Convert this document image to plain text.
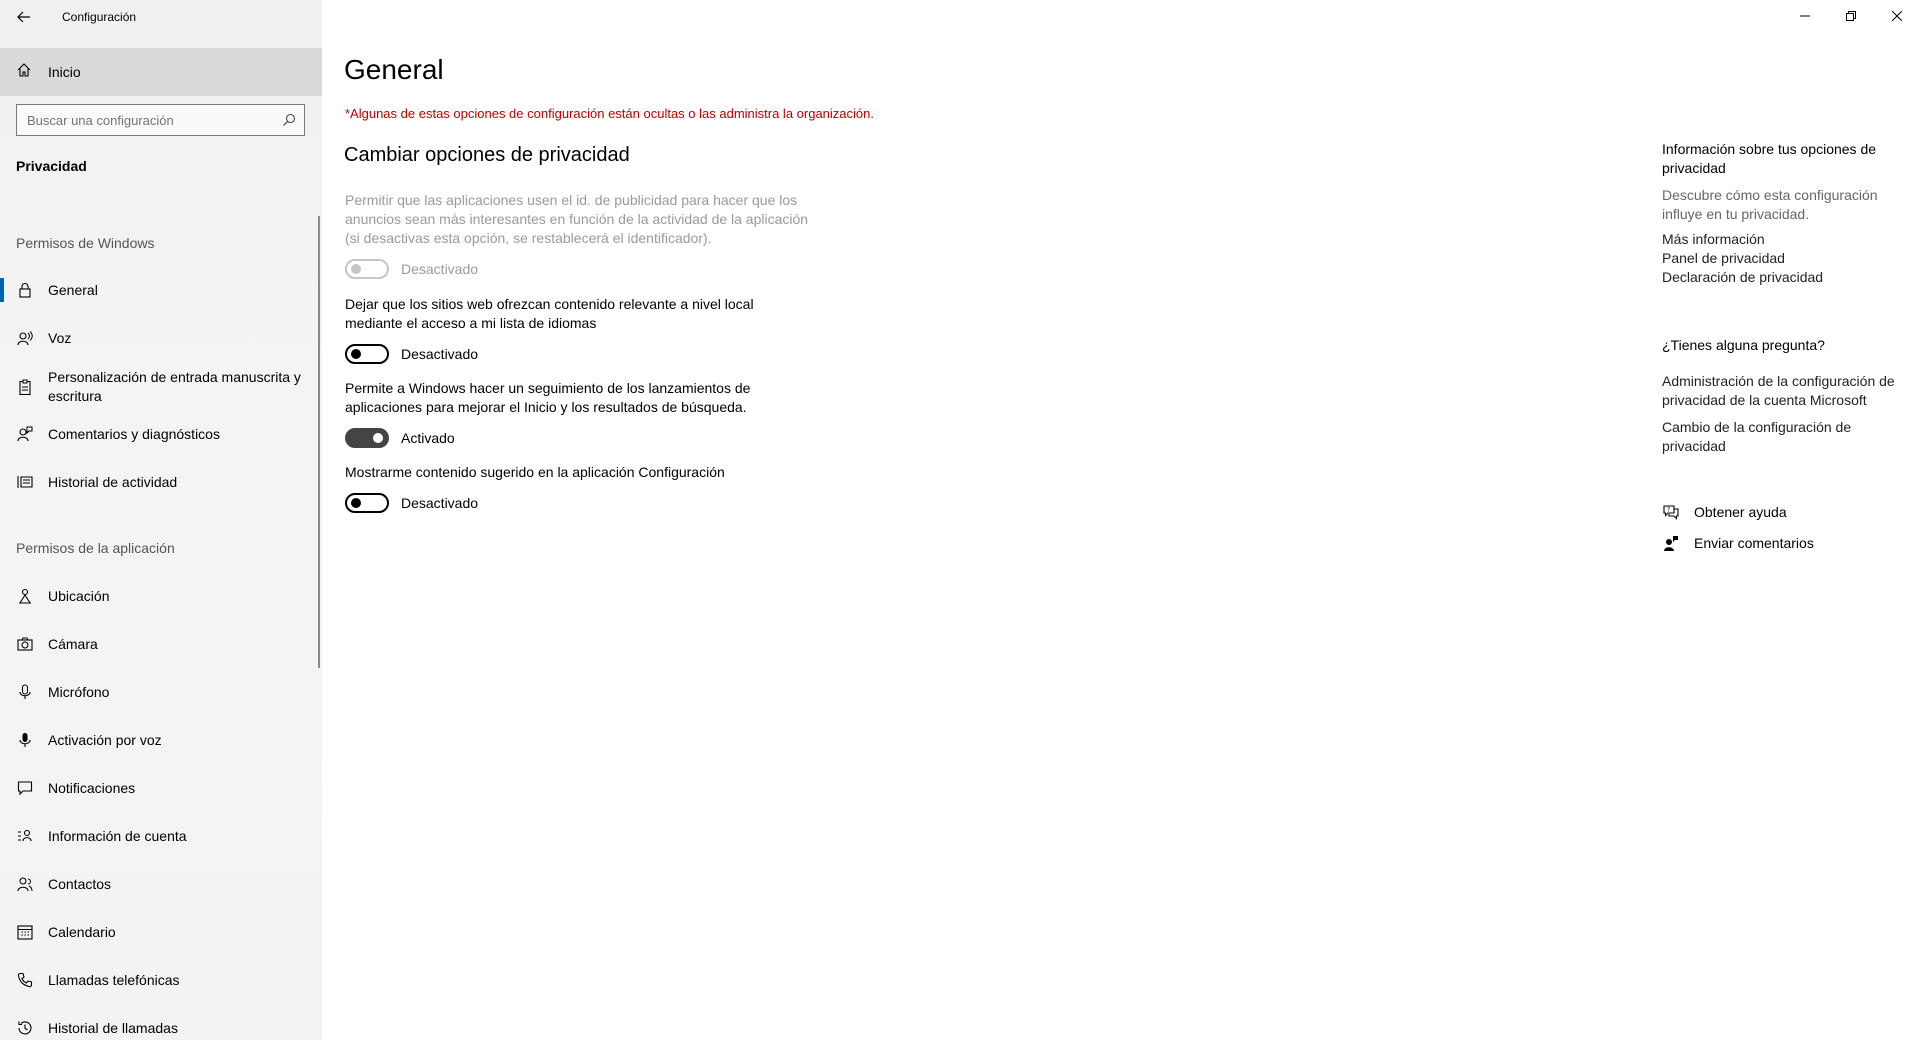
Configuración
Inicio
Buscar una configuración
Privacidad
Permisos de Windows
General
Voz
Personalización de entrada manuscrita y escritura
Comentarios y diagnósticos
Historial de actividad
Permisos de la aplicación
Ubicación
Cámara
Micrófono
Activación por voz
Notificaciones
Información de cuenta
Contactos
Calendario
Llamadas telefónicas
Historial de llamadas
General
*Algunas de estas opciones de configuración están ocultas o las administra la organización.
Cambiar opciones de privacidad
Permitir que las aplicaciones usen el id. de publicidad para hacer que los anuncios sean más interesantes en función de la actividad de la aplicación (si desactivas esta opción, se restablecerá el identificador).
Desactivado
Dejar que los sitios web ofrezcan contenido relevante a nivel local mediante el acceso a mi lista de idiomas
Desactivado
Permite a Windows hacer un seguimiento de los lanzamientos de aplicaciones para mejorar el Inicio y los resultados de búsqueda.
Activado
Mostrarme contenido sugerido en la aplicación Configuración
Desactivado
Información sobre tus opciones de privacidad
Descubre cómo esta configuración influye en tu privacidad.
Más información
Panel de privacidad
Declaración de privacidad
¿Tienes alguna pregunta?
Administración de la configuración de privacidad de la cuenta Microsoft
Cambio de la configuración de privacidad
? Obtener ayuda
Enviar comentarios
